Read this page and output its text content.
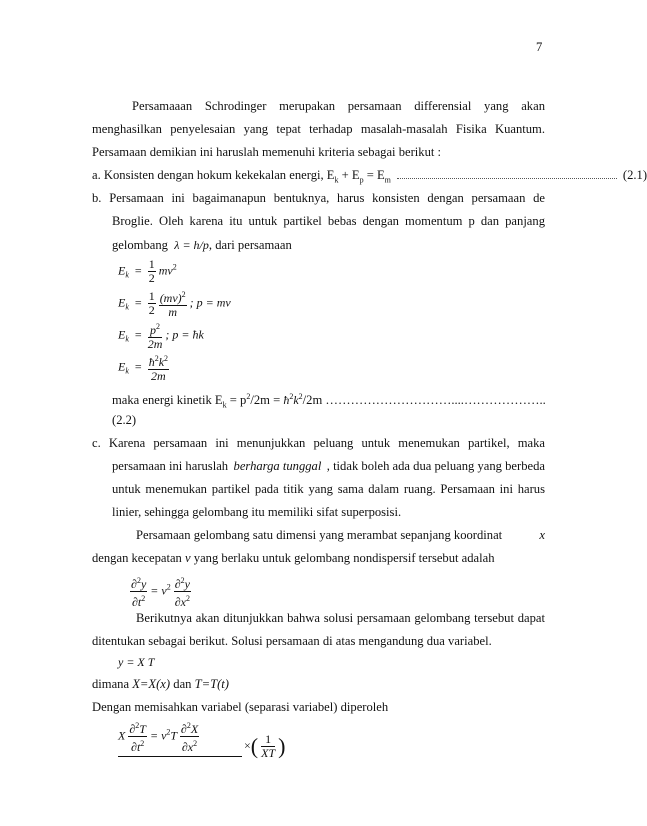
7
Persamaaan Schrodinger merupakan persamaan differensial yang akan
menghasilkan penyelesaian yang tepat terhadap masalah-masalah Fisika Kuantum.
Persamaan demikian ini haruslah memenuhi kriteria sebagai berikut :
a. Konsisten dengan hokum kekekalan energi, $E_k + E_p = E_m$	(2.1)
b. Persamaan ini bagaimanapun bentuknya, harus konsisten dengan persamaan de
Broglie. Oleh karena itu untuk partikel bebas dengan momentum p dan panjang
gelombang λ = h/p, dari persamaan
$E_k = \frac{1}{2} mv^2$
$E_k = \frac{1}{2}$
$\frac{(mv)^2}{m}$ ; p = mv
$E_k = \frac{p^2}{2m}$ ; p = ħk
$E_k = \frac{ħ^2k^2}{2m}$
maka energi kinetik $E_k = p^2/2m$ = $ħ^2k^2/2m$ …………………………....………………..
(2.2)
c. Karena persamaan ini menunjukkan peluang untuk menemukan partikel, maka
persamaan ini haruslah berharga tunggal , tidak boleh ada dua peluang yang berbeda
untuk menemukan partikel pada titik yang sama dalam ruang. Persamaan ini harus
linier, sehingga gelombang itu memiliki sifat superposisi.
Persamaan gelombang satu dimensi yang merambat sepanjang koordinat	x
dengan kecepatan v yang berlaku untuk gelombang nondispersif tersebut adalah
$\frac{\partial^2y}{\partial t^2} = v^2 \frac{\partial^2y}{\partial x^2}$
Berikutnya akan ditunjukkan bahwa solusi persamaan gelombang tersebut dapat
ditentukan sebagai berikut. Solusi persamaan di atas mengandung dua variabel.
y = X T
dimana X=X(x) dan T=T(t)
Dengan memisahkan variabel (separasi variabel) diperoleh
X $\frac{\partial^2T}{\partial t^2} = v^2T \frac{\partial^2X}{\partial x^2}$	×( $\frac{1}{XT}$ )
